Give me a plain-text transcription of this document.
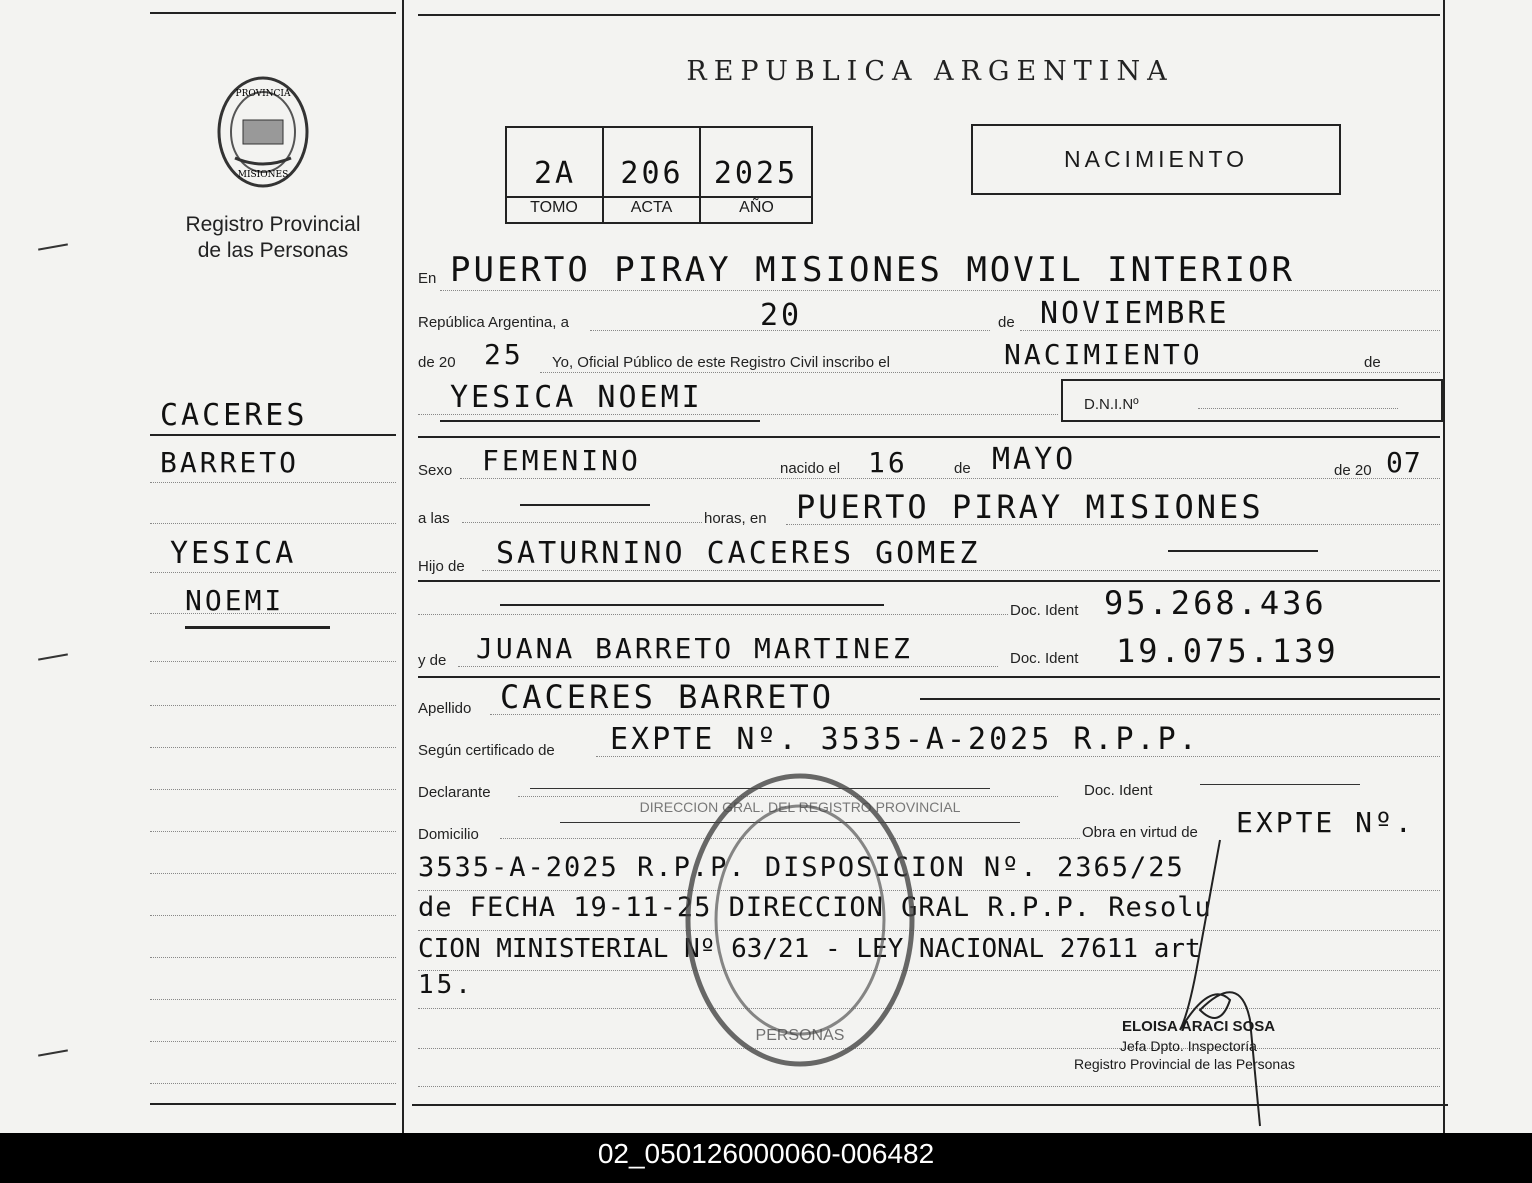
PROVINCIA
MISIONES
Registro Provincial
de las Personas
CACERES
BARRETO
YESICA
NOEMI
REPUBLICA ARGENTINA
2A	206	2025
TOMO	ACTA	AÑO
NACIMIENTO
En PUERTO PIRAY MISIONES MOVIL INTERIOR
República Argentina, a	20	de NOVIEMBRE
de 20 25 Yo, Oficial Público de este Registro Civil inscribo el	NACIMIENTO	de
YESICA NOEMI	D.N.I.Nº
Sexo FEMENINO	nacido el 16	de MAYO	de 20 07
a las	horas, en PUERTO PIRAY MISIONES
Hijo de SATURNINO CACERES GOMEZ
Doc. Ident 95.268.436
y de JUANA BARRETO MARTINEZ	Doc. Ident 19.075.139
Apellido CACERES BARRETO
Según certificado de EXPTE Nº. 3535-A-2025 R.P.P.
Declarante	Doc. Ident
Domicilio	Obra en virtud de EXPTE Nº.
3535-A-2025 R.P.P. DISPOSICION Nº. 2365/25
de FECHA 19-11-25 DIRECCION GRAL R.P.P. Resolu
CION MINISTERIAL Nº 63/21 - LEY NACIONAL 27611 art
15.
DIRECCION GRAL. DEL REGISTRO PROVINCIAL
PERSONAS
ELOISA ARACI SOSA
Jefa Dpto. Inspectoría
Registro Provincial de las Personas
02_050126000060-006482
